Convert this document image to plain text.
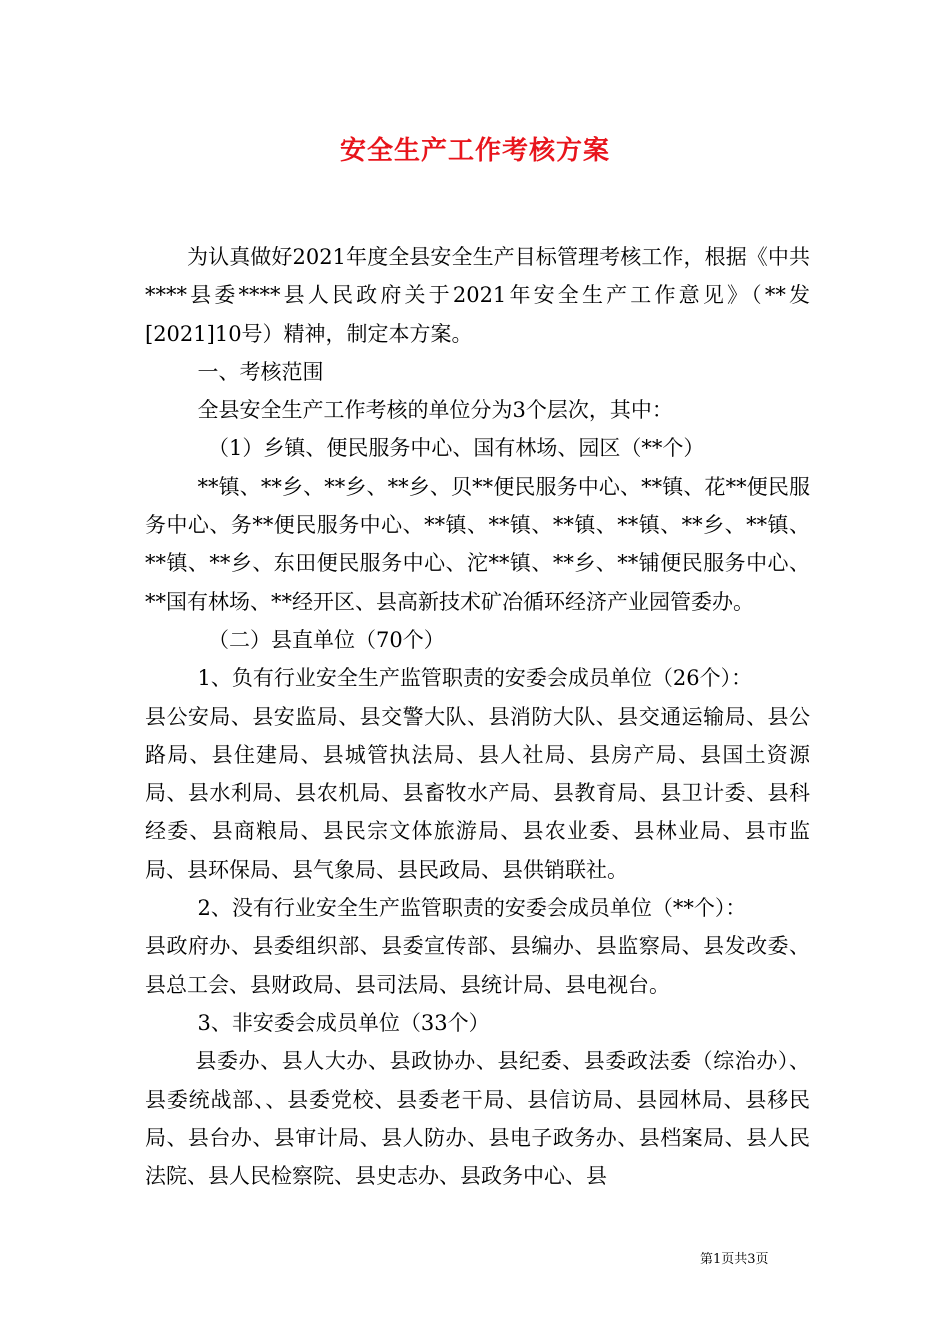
安全生产工作考核方案

为认真做好2021年度全县安全生产目标管理考核工作，根据《中共****县委****县人民政府关于2021年安全生产工作意见》（**发[2021]10号）精神，制定本方案。

一、考核范围

全县安全生产工作考核的单位分为3个层次，其中：

（1）乡镇、便民服务中心、国有林场、园区（**个）

**镇、**乡、**乡、**乡、贝**便民服务中心、**镇、花**便民服务中心、务**便民服务中心、**镇、**镇、**镇、**镇、**乡、**镇、**镇、**乡、东田便民服务中心、沱**镇、**乡、**铺便民服务中心、**国有林场、**经开区、县高新技术矿冶循环经济产业园管委办。

（二）县直单位（70个）

1、负有行业安全生产监管职责的安委会成员单位（26个）：

县公安局、县安监局、县交警大队、县消防大队、县交通运输局、县公路局、县住建局、县城管执法局、县人社局、县房产局、县国土资源局、县水利局、县农机局、县畜牧水产局、县教育局、县卫计委、县科经委、县商粮局、县民宗文体旅游局、县农业委、县林业局、县市监局、县环保局、县气象局、县民政局、县供销联社。

2、没有行业安全生产监管职责的安委会成员单位（**个）：

县政府办、县委组织部、县委宣传部、县编办、县监察局、县发改委、县总工会、县财政局、县司法局、县统计局、县电视台。

3、非安委会成员单位（33个）

县委办、县人大办、县政协办、县纪委、县委政法委（综治办）、县委统战部、、县委党校、县委老干局、县信访局、县园林局、县移民局、县台办、县审计局、县人防办、县电子政务办、县档案局、县人民法院、县人民检察院、县史志办、县政务中心、县

第1页共3页
